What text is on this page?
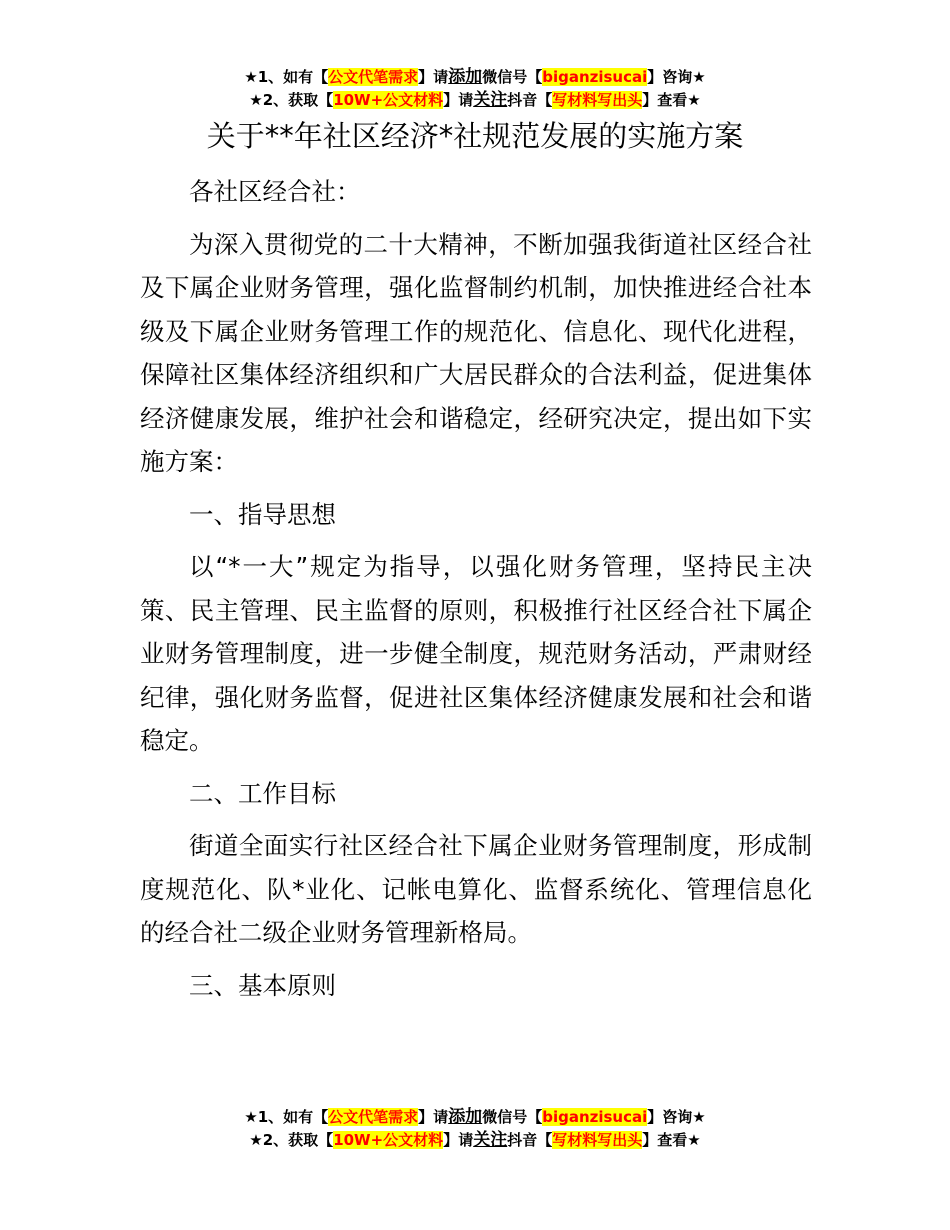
★1、如有【公文代笔需求】请添加微信号【biganzisucai】咨询★
★2、获取【10W+公文材料】请关注抖音【写材料写出头】查看★
关于**年社区经济*社规范发展的实施方案

各社区经合社：

为深入贯彻党的二十大精神，不断加强我街道社区经合社及下属企业财务管理，强化监督制约机制，加快推进经合社本级及下属企业财务管理工作的规范化、信息化、现代化进程，保障社区集体经济组织和广大居民群众的合法利益，促进集体经济健康发展，维护社会和谐稳定，经研究决定，提出如下实施方案：

一、指导思想

以“*一大”规定为指导，以强化财务管理，坚持民主决策、民主管理、民主监督的原则，积极推行社区经合社下属企业财务管理制度，进一步健全制度，规范财务活动，严肃财经纪律，强化财务监督，促进社区集体经济健康发展和社会和谐稳定。

二、工作目标

街道全面实行社区经合社下属企业财务管理制度，形成制度规范化、队*业化、记帐电算化、监督系统化、管理信息化的经合社二级企业财务管理新格局。

三、基本原则

★1、如有【公文代笔需求】请添加微信号【biganzisucai】咨询★
★2、获取【10W+公文材料】请关注抖音【写材料写出头】查看★
